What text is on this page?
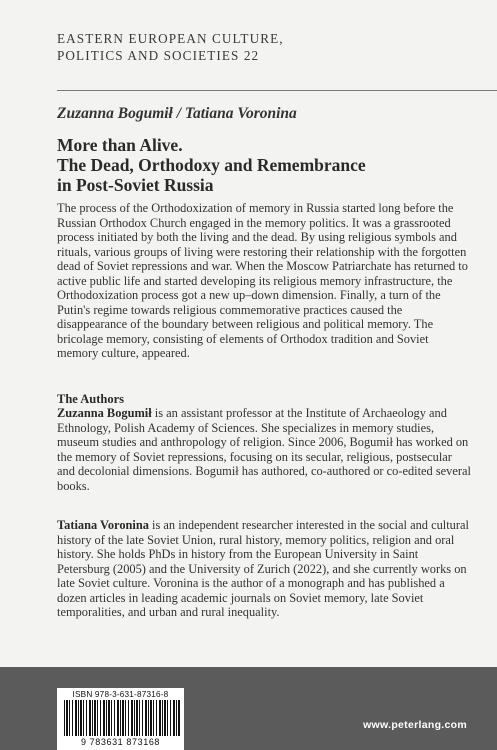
EASTERN EUROPEAN CULTURE,
POLITICS AND SOCIETIES 22
Zuzanna Bogumił / Tatiana Voronina
More than Alive.
The Dead, Orthodoxy and Remembrance
in Post-Soviet Russia

The process of the Orthodoxization of memory in Russia started long before the Russian Orthodox Church engaged in the memory politics. It was a grassrooted process initiated by both the living and the dead. By using religious symbols and rituals, various groups of living were restoring their relationship with the forgotten dead of Soviet repressions and war. When the Moscow Patriarchate has returned to active public life and started developing its religious memory infrastructure, the Orthodoxization process got a new up–down dimension. Finally, a turn of the Putin's regime towards religious commemorative practices caused the disappearance of the boundary between religious and political memory. The bricolage memory, consisting of elements of Orthodox tradition and Soviet memory culture, appeared.

The Authors

Zuzanna Bogumił is an assistant professor at the Institute of Archaeology and Ethnology, Polish Academy of Sciences. She specializes in memory studies, museum studies and anthropology of religion. Since 2006, Bogumił has worked on the memory of Soviet repressions, focusing on its secular, religious, postsecular and decolonial dimensions. Bogumił has authored, co-authored or co-edited several books.

Tatiana Voronina is an independent researcher interested in the social and cultural history of the late Soviet Union, rural history, memory politics, religion and oral history. She holds PhDs in history from the European University in Saint Petersburg (2005) and the University of Zurich (2022), and she currently works on late Soviet culture. Voronina is the author of a monograph and has published a dozen articles in leading academic journals on Soviet memory, late Soviet temporalities, and urban and rural inequality.

ISBN 978-3-631-87316-8
9 783631 873168
www.peterlang.com
